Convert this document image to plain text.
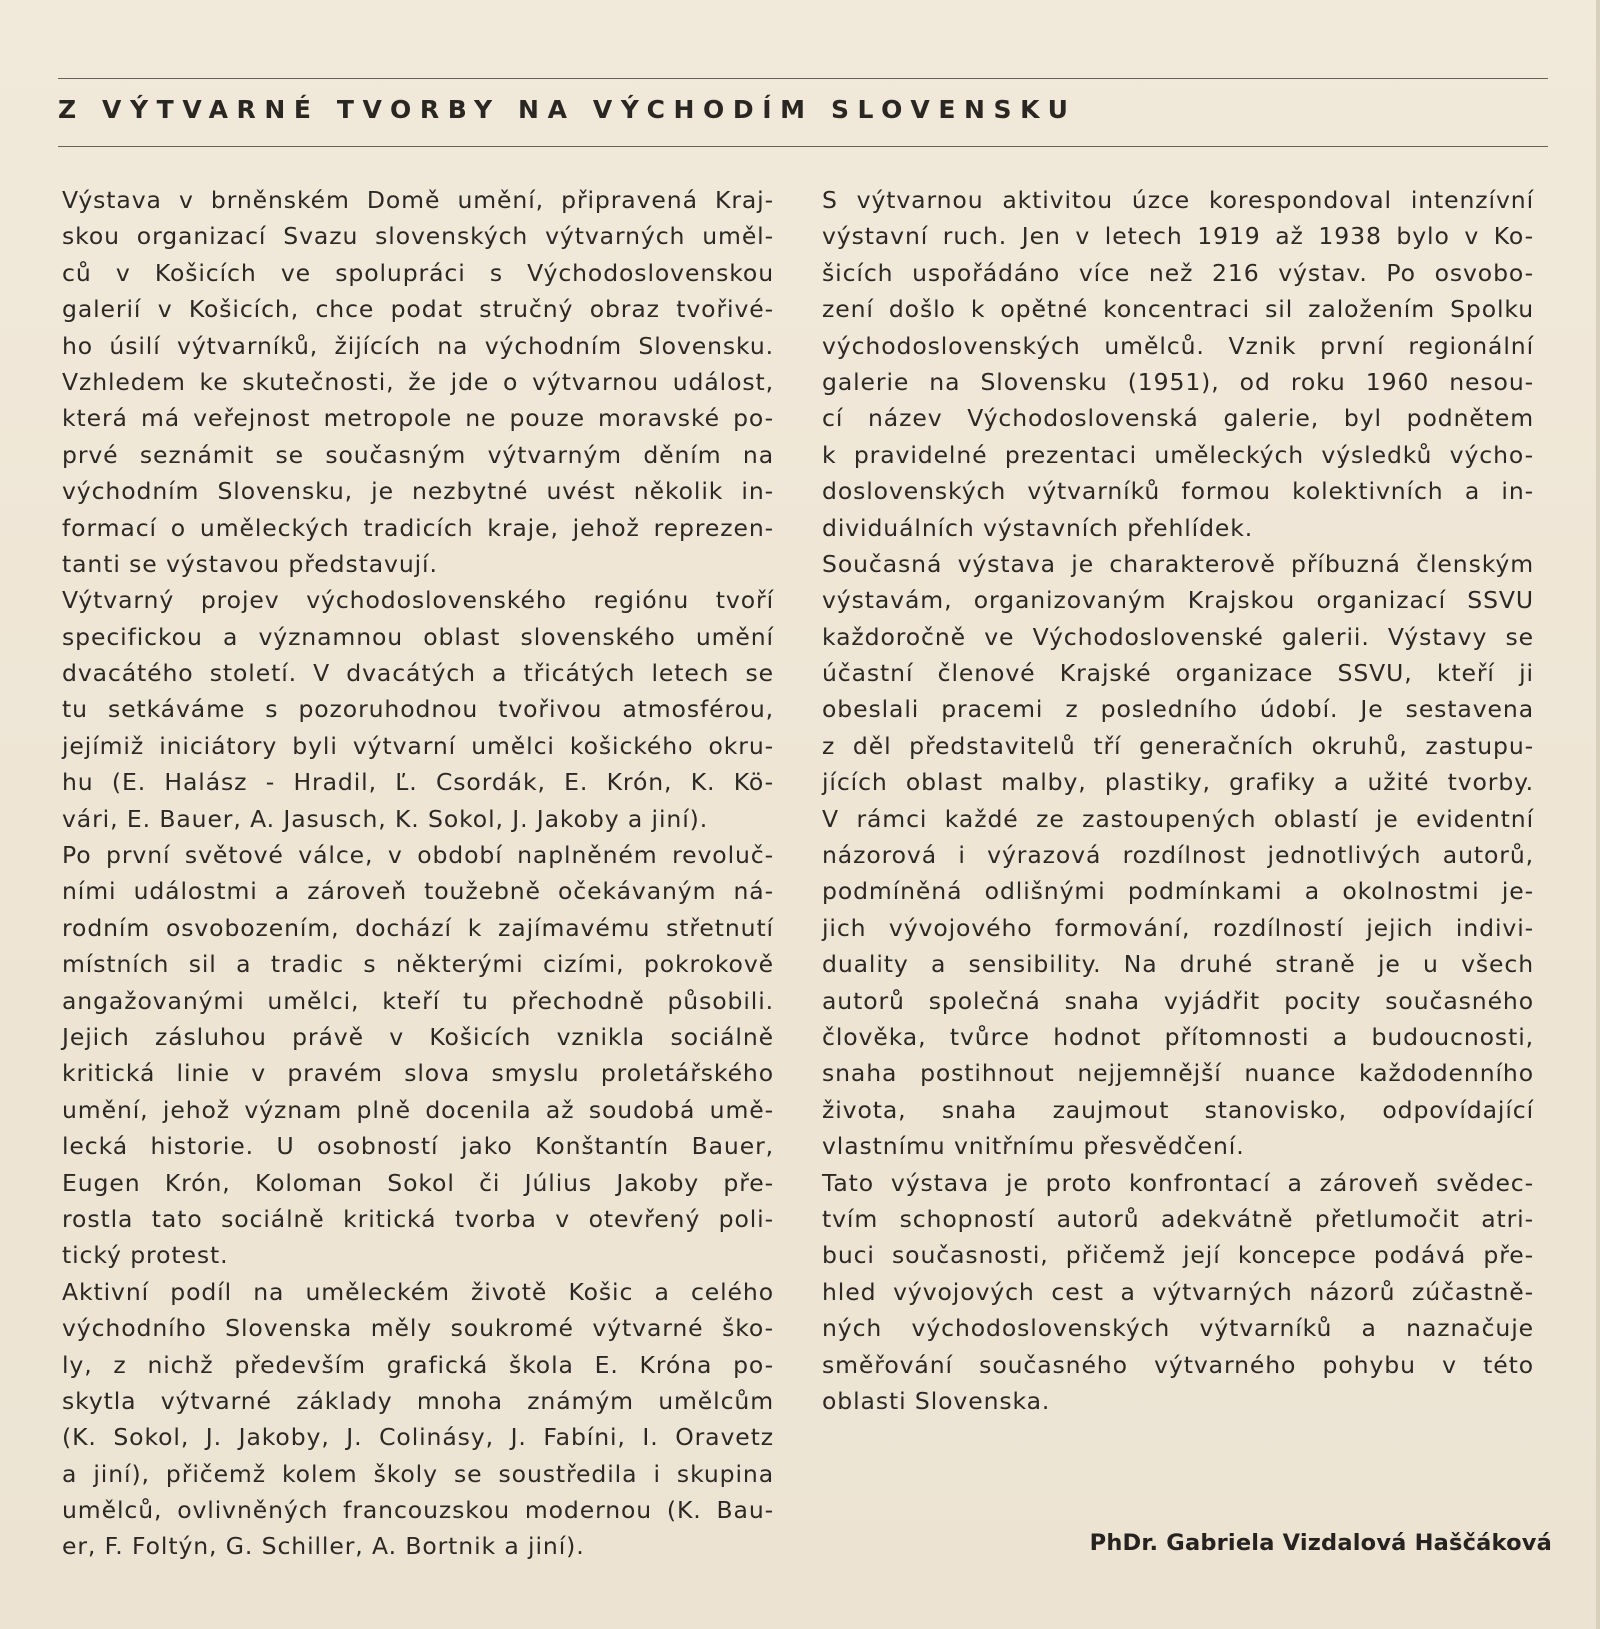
Z VÝTVARNÉ TVORBY NA VÝCHODÍM SLOVENSKU
Výstava v brněnském Domě umění, připravená Kraj-
skou organizací Svazu slovenských výtvarných uměl-
ců v Košicích ve spolupráci s Východoslovenskou
galerií v Košicích, chce podat stručný obraz tvořivé-
ho úsilí výtvarníků, žijících na východním Slovensku.
Vzhledem ke skutečnosti, že jde o výtvarnou událost,
která má veřejnost metropole ne pouze moravské po-
prvé seznámit se současným výtvarným děním na
východním Slovensku, je nezbytné uvést několik in-
formací o uměleckých tradicích kraje, jehož reprezen-
tanti se výstavou představují.
Výtvarný projev východoslovenského regiónu tvoří
specifickou a významnou oblast slovenského umění
dvacátého století. V dvacátých a třicátých letech se
tu setkáváme s pozoruhodnou tvořivou atmosférou,
jejímiž iniciátory byli výtvarní umělci košického okru-
hu (E. Halász - Hradil, Ľ. Csordák, E. Krón, K. Kö-
vári, E. Bauer, A. Jasusch, K. Sokol, J. Jakoby a jiní).
Po první světové válce, v období naplněném revoluč-
ními událostmi a zároveň toužebně očekávaným ná-
rodním osvobozením, dochází k zajímavému střetnutí
místních sil a tradic s některými cizími, pokrokově
angažovanými umělci, kteří tu přechodně působili.
Jejich zásluhou právě v Košicích vznikla sociálně
kritická linie v pravém slova smyslu proletářského
umění, jehož význam plně docenila až soudobá umě-
lecká historie. U osobností jako Konštantín Bauer,
Eugen Krón, Koloman Sokol či Július Jakoby pře-
rostla tato sociálně kritická tvorba v otevřený poli-
tický protest.
Aktivní podíl na uměleckém životě Košic a celého
východního Slovenska měly soukromé výtvarné ško-
ly, z nichž především grafická škola E. Króna po-
skytla výtvarné základy mnoha známým umělcům
(K. Sokol, J. Jakoby, J. Colinásy, J. Fabíni, I. Oravetz
a jiní), přičemž kolem školy se soustředila i skupina
umělců, ovlivněných francouzskou modernou (K. Bau-
er, F. Foltýn, G. Schiller, A. Bortnik a jiní).
S výtvarnou aktivitou úzce korespondoval intenzívní
výstavní ruch. Jen v letech 1919 až 1938 bylo v Ko-
šicích uspořádáno více než 216 výstav. Po osvobo-
zení došlo k opětné koncentraci sil založením Spolku
východoslovenských umělců. Vznik první regionální
galerie na Slovensku (1951), od roku 1960 nesou-
cí název Východoslovenská galerie, byl podnětem
k pravidelné prezentaci uměleckých výsledků vý​cho-
doslovenských výtvarníků formou kolektivních a in-
dividuálních výstavních přehlídek.
Současná výstava je charakterově příbuzná členským
výstavám, organizovaným Krajskou organizací SSVU
každoročně ve Východoslovenské galerii. Výstavy se
účastní členové Krajské organizace SSVU, kteří ji
obeslali pracemi z posledního údobí. Je sestavena
z děl představitelů tří generačních okruhů, zastupu-
jících oblast malby, plastiky, grafiky a užité tvorby.
V rámci každé ze zastoupených oblastí je evidentní
názorová i výrazová rozdílnost jednotlivých autorů,
podmíněná odlišnými podmínkami a okolnostmi je-
jich vývojového formování, rozdílností jejich indivi-
duality a sensibility. Na druhé straně je u všech
autorů společná snaha vyjádřit pocity současného
člověka, tvůrce hodnot přítomnosti a budoucnosti,
snaha postihnout nejjemnější nuance každodenního
života, snaha zaujmout stanovisko, odpovídající
vlastnímu vnitřnímu přesvědčení.
Tato výstava je proto konfrontací a zároveň svědec-
tvím schopností autorů adekvátně přetlumočit atri-
buci současnosti, přičemž její koncepce podává pře-
hled vývojových cest a výtvarných názorů zúčastně-
ných východoslovenských výtvarníků a naznačuje
směřování současného výtvarného pohybu v této
oblasti Slovenska.
PhDr. Gabriela Vizdalová Haščáková
